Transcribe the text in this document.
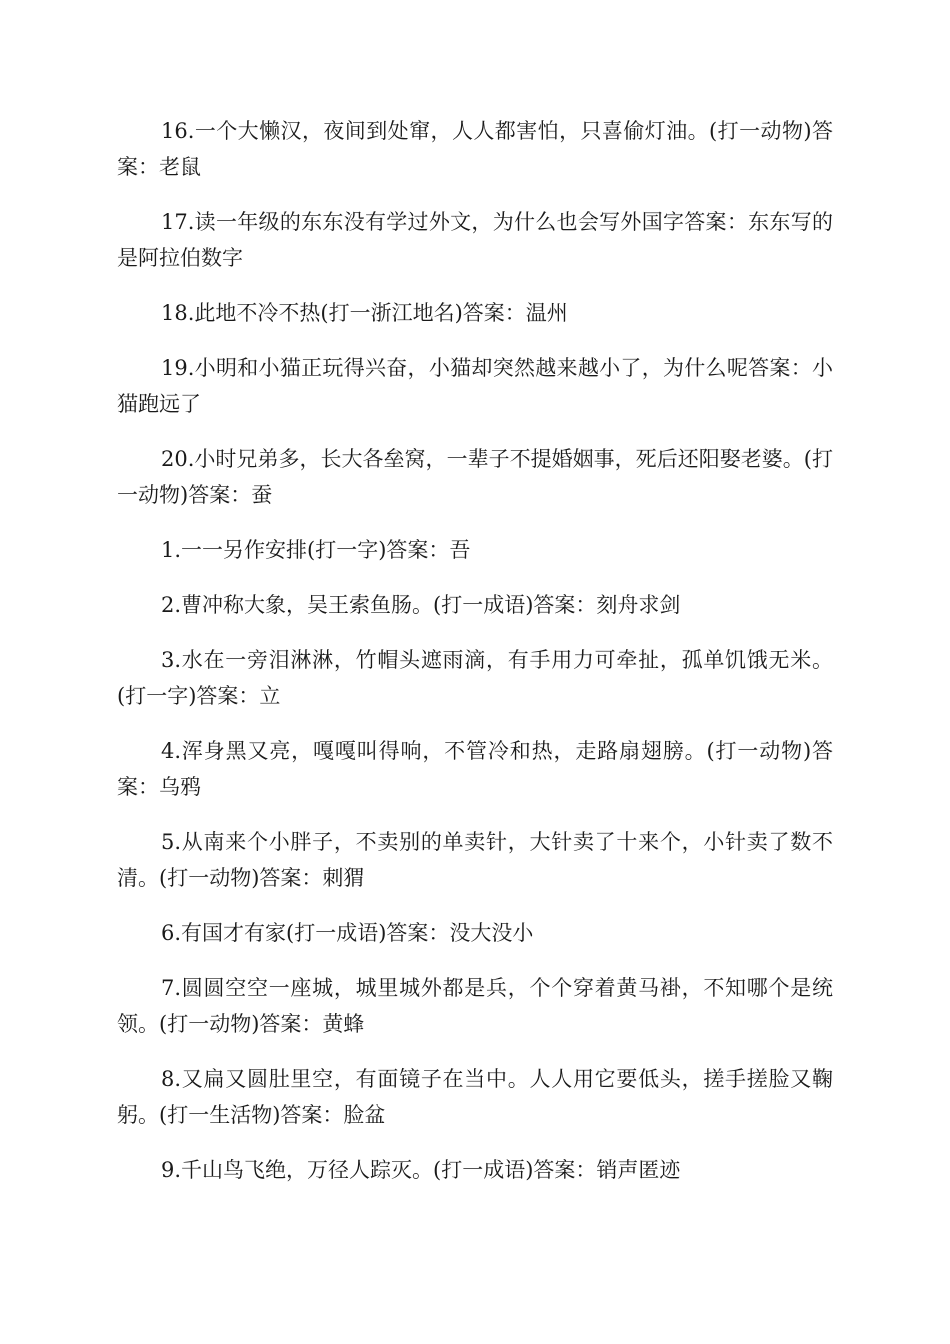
16.一个大懒汉，夜间到处窜，人人都害怕，只喜偷灯油。(打一动物)答案：老鼠

17.读一年级的东东没有学过外文，为什么也会写外国字答案：东东写的是阿拉伯数字

18.此地不冷不热(打一浙江地名)答案：温州

19.小明和小猫正玩得兴奋，小猫却突然越来越小了，为什么呢答案：小猫跑远了

20.小时兄弟多，长大各垒窝，一辈子不提婚姻事，死后还阳娶老婆。(打一动物)答案：蚕

1.一一另作安排(打一字)答案：吾

2.曹冲称大象，吴王索鱼肠。(打一成语)答案：刻舟求剑

3.水在一旁泪淋淋，竹帽头遮雨滴，有手用力可牵扯，孤单饥饿无米。(打一字)答案：立

4.浑身黑又亮，嘎嘎叫得响，不管冷和热，走路扇翅膀。(打一动物)答案：乌鸦

5.从南来个小胖子，不卖别的单卖针，大针卖了十来个，小针卖了数不清。(打一动物)答案：刺猬

6.有国才有家(打一成语)答案：没大没小

7.圆圆空空一座城，城里城外都是兵，个个穿着黄马褂，不知哪个是统领。(打一动物)答案：黄蜂

8.又扁又圆肚里空，有面镜子在当中。人人用它要低头，搓手搓脸又鞠躬。(打一生活物)答案：脸盆

9.千山鸟飞绝，万径人踪灭。(打一成语)答案：销声匿迹
